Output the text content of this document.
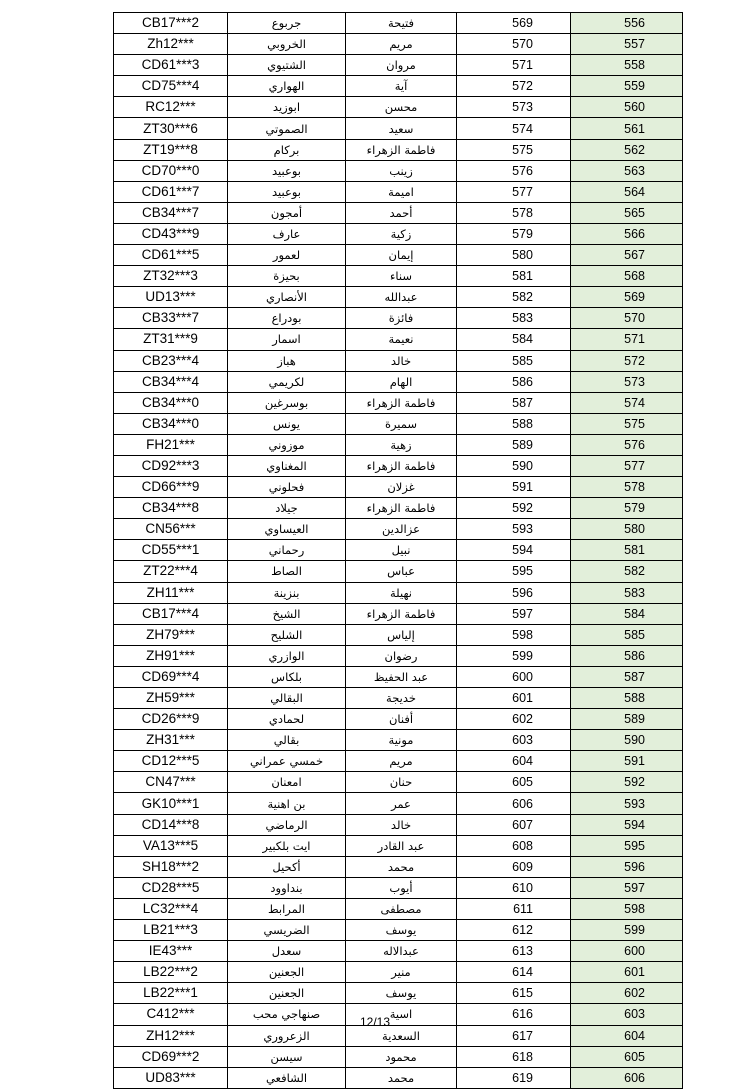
CB17***2	جربوع	فتيحة	569	556
Zh12***	الخروبي	مريم	570	557
CD61***3	الشتيوي	مروان	571	558
CD75***4	الهواري	آية	572	559
RC12***	ابوزيد	محسن	573	560
ZT30***6	الصموتي	سعيد	574	561
ZT19***8	بركام	فاطمة الزهراء	575	562
CD70***0	بوعبيد	زينب	576	563
CD61***7	بوعبيد	اميمة	577	564
CB34***7	أمجون	أحمد	578	565
CD43***9	عارف	زكية	579	566
CD61***5	لعمور	إيمان	580	567
ZT32***3	بحيزة	سناء	581	568
UD13***	الأنصاري	عبدالله	582	569
CB33***7	بودراع	فائزة	583	570
ZT31***9	اسمار	نعيمة	584	571
CB23***4	هباز	خالد	585	572
CB34***4	لكريمي	الهام	586	573
CB34***0	بوسرغين	فاطمة الزهراء	587	574
CB34***0	يونس	سميرة	588	575
FH21***	موزوني	زهية	589	576
CD92***3	المغناوي	فاطمة الزهراء	590	577
CD66***9	فحلوني	غزلان	591	578
CB34***8	جيلاد	فاطمة الزهراء	592	579
CN56***	العيساوي	عزالدين	593	580
CD55***1	رحماني	نبيل	594	581
ZT22***4	الصاط	عباس	595	582
ZH11***	بنزينة	نهيلة	596	583
CB17***4	الشيخ	فاطمة الزهراء	597	584
ZH79***	الشليح	إلياس	598	585
ZH91***	الوازري	رضوان	599	586
CD69***4	بلكاس	عبد الحفيظ	600	587
ZH59***	البقالي	خديجة	601	588
CD26***9	لحمادي	أفنان	602	589
ZH31***	بقالي	مونية	603	590
CD12***5	خمسي عمراني	مريم	604	591
CN47***	امعنان	حنان	605	592
GK10***1	بن اهنية	عمر	606	593
CD14***8	الرماضي	خالد	607	594
VA13***5	ايت بلكبير	عبد القادر	608	595
SH18***2	أكحيل	محمد	609	596
CD28***5	بنداوود	أيوب	610	597
LC32***4	المرابط	مصطفى	611	598
LB21***3	الضريسي	يوسف	612	599
IE43***	سعدل	عبدالاله	613	600
LB22***2	الجعنين	منير	614	601
LB22***1	الجعنين	يوسف	615	602
C412***	صنهاجي محب	اسية	616	603
ZH12***	الزعروري	السعدية	617	604
CD69***2	سيسن	محمود	618	605
UD83***	الشافعي	محمد	619	606
12/13
